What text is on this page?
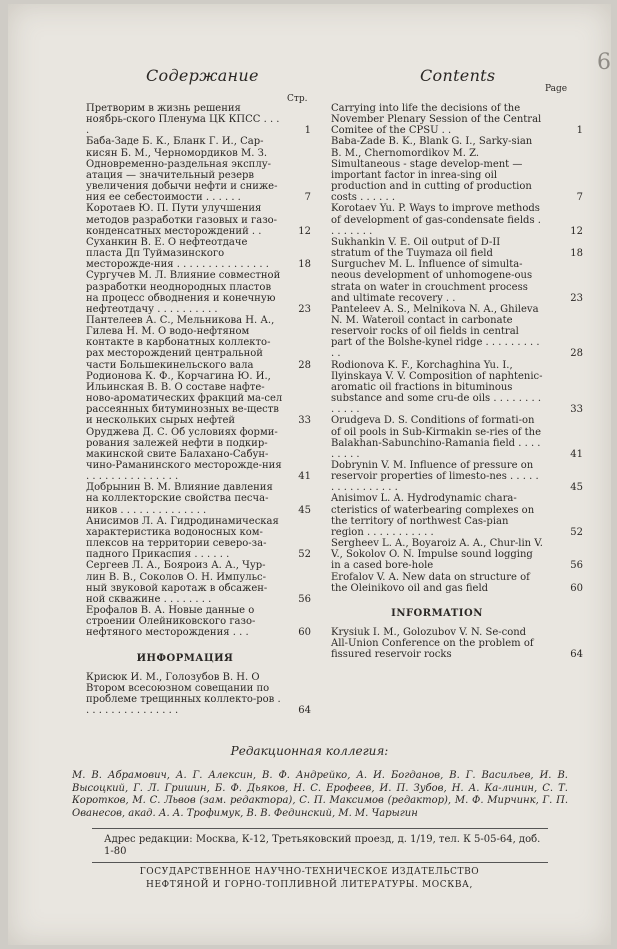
6
Содержание	Contents
Стр.
Page
Претворим в жизнь решения ноябрь-ского Пленума ЦК КПСС . . . .	1
Баба-Заде Б. К., Бланк Г. И., Сар-кисян Б. М., Черномордиков М. З. Одновременно-раздельная эксплу-атация — значительный резерв увеличения добычи нефти и сниже-ния ее себестоимости . . . . . .	7
Коротаев Ю. П. Пути улучшения методов разработки газовых и газо-конденсатных месторождений . .	12
Суханкин В. Е. О нефтеотдаче пласта Дп Туймазинского месторожде-ния . . . . . . . . . . . . . . .	18
Сургучев М. Л. Влияние совместной разработки неоднородных пластов на процесс обводнения и конечную нефтеотдачу . . . . . . . . . .	23
Пантелеев А. С., Мельникова Н. А., Гилева Н. М. О водо-нефтяном контакте в карбонатных коллекто-рах месторождений центральной части Большекинельского вала	28
Родионова К. Ф., Корчагина Ю. И., Ильинская В. В. О составе нафте-ново-ароматических фракций ма-сел рассеянных битуминозных ве-ществ и нескольких сырых нефтей	33
Оруджева Д. С. Об условиях форми-рования залежей нефти в подкир-макинской свите Балахано-Сабун-чино-Раманинского месторожде-ния . . . . . . . . . . . . . . .	41
Добрынин В. М. Влияние давления на коллекторские свойства песча-ников . . . . . . . . . . . . . .	45
Анисимов Л. А. Гидродинамическая характеристика водоносных ком-плексов на территории северо-за-падного Прикаспия . . . . . .	52
Сергеев Л. А., Бояроиз А. А., Чур-лин В. В., Соколов О. Н. Импульс-ный звуковой каротаж в обсажен-ной скважине . . . . . . . .	56
Ерофалов В. А. Новые данные о строении Олейниковского газо-нефтяного месторождения . . .	60
ИНФОРМАЦИЯ
Крисюк И. М., Голозубов В. Н. О Втором всесоюзном совещании по проблеме трещинных коллекто-ров . . . . . . . . . . . . . . . .	64
Carrying into life the decisions of the November Plenary Session of the Central Comitee of the CPSU . .	1
Baba-Zade B. K., Blank G. I., Sarky-sian B. M., Chernomordikov M. Z. Simultaneous - stage develop-ment — important factor in inrea-sing oil production and in cutting of production costs . . . . . .	7
Korotaev Yu. P. Ways to improve methods of development of gas-condensate fields . . . . . . . .	12
Sukhankin V. E. Oil output of D-II stratum of the Tuymaza oil field	18
Surguchev M. L. Influence of simulta-neous development of unhomogene-ous strata on water in crouchment process and ultimate recovery . .	23
Panteleev A. S., Melnikova N. A., Ghileva N. M. Wateroil contact in carbonate reservoir rocks of oil fields in central part of the Bolshe-kynel ridge . . . . . . . . . . .	28
Rodionova K. F., Korchaghina Yu. I., Ilyinskaya V. V. Composition of naphtenic-aromatic oil fractions in bituminous substance and some cru-de oils . . . . . . . . . . . . .	33
Orudgeva D. S. Conditions of formati-on of oil pools in Sub-Kirmakin se-ries of the Balakhan-Sabunchino-Ramania field . . . . . . . . .	41
Dobrynin V. M. Influence of pressure on reservoir properties of limesto-nes . . . . . . . . . . . . . . . .	45
Anisimov L. A. Hydrodynamic chara-cteristics of waterbearing complexes on the territory of northwest Cas-pian region . . . . . . . . . . .	52
Sergheev L. A., Boyaroiz A. A., Chur-lin V. V., Sokolov O. N. Impulse sound logging in a cased bore-hole	56
Erofalov V. A. New data on structure of the Oleinikovo oil and gas field	60
INFORMATION
Krysiuk I. M., Golozubov V. N. Se-cond All-Union Conference on the problem of fissured reservoir rocks	64
Редакционная коллегия:
М. В. Абрамович, А. Г. Алексин, В. Ф. Андрейко, А. И. Богданов, В. Г. Васильев, И. В. Высоцкий, Г. Л. Гришин, Б. Ф. Дьяков, Н. С. Ерофеев, И. П. Зубов, Н. А. Ка-линин, С. Т. Коротков, М. С. Львов (зам. редактора), С. П. Максимов (редактор), М. Ф. Мирчинк, Г. П. Ованесов, акад. А. А. Трофимук, В. В. Фединский, М. М. Чарыгин
Адрес редакции: Москва, К-12, Третьяковский проезд, д. 1/19, тел. К 5-05-64, доб. 1-80
ГОСУДАРСТВЕННОЕ НАУЧНО-ТЕХНИЧЕСКОЕ ИЗДАТЕЛЬСТВО
НЕФТЯНОЙ И ГОРНО-ТОПЛИВНОЙ ЛИТЕРАТУРЫ. МОСКВА,
